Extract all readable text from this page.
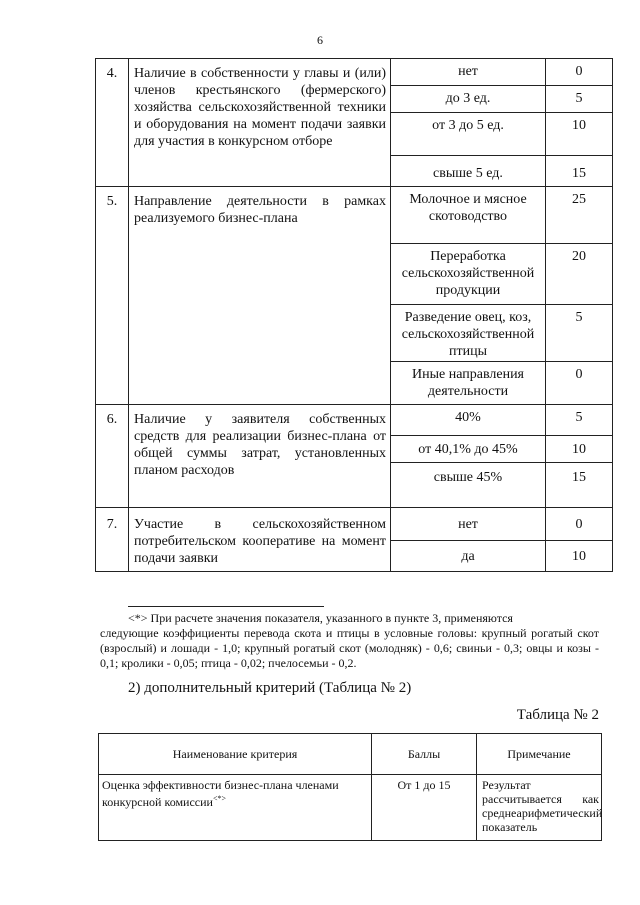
6
4.	Наличие в собственности у главы и (или) членов крестьянского (фермерского) хозяйства сельскохозяйственной техники и оборудования на момент подачи заявки для участия в конкурсном отборе	нет	0
		до 3 ед.	5
		от 3 до 5 ед.	10
		свыше 5 ед.	15
5.	Направление деятельности в рамках реализуемого бизнес-плана	Молочное и мясное скотоводство	25
		Переработка сельскохозяйственной продукции	20
		Разведение овец, коз, сельскохозяйственной птицы	5
		Иные направления деятельности	0
6.	Наличие у заявителя собственных средств для реализации бизнес-плана от общей суммы затрат, установленных планом расходов	40%	5
		от 40,1% до 45%	10
		свыше 45%	15
7.	Участие в сельскохозяйственном потребительском кооперативе на момент подачи заявки	нет	0
		да	10

<*> При расчете значения показателя, указанного в пункте 3, применяются

следующие коэффициенты перевода скота и птицы в условные головы: крупный рогатый скот (взрослый) и лошади - 1,0; крупный рогатый скот (молодняк) - 0,6; свиньи - 0,3; овцы и козы - 0,1; кролики - 0,05; птица - 0,02; пчелосемьи - 0,2.

2) дополнительный критерий (Таблица № 2)
Таблица № 2
Наименование критерия	Баллы	Примечание
Оценка эффективности бизнес-плана членами конкурсной комиссии<*>	От 1 до 15	Результат рассчитывается как среднеарифметический показатель
